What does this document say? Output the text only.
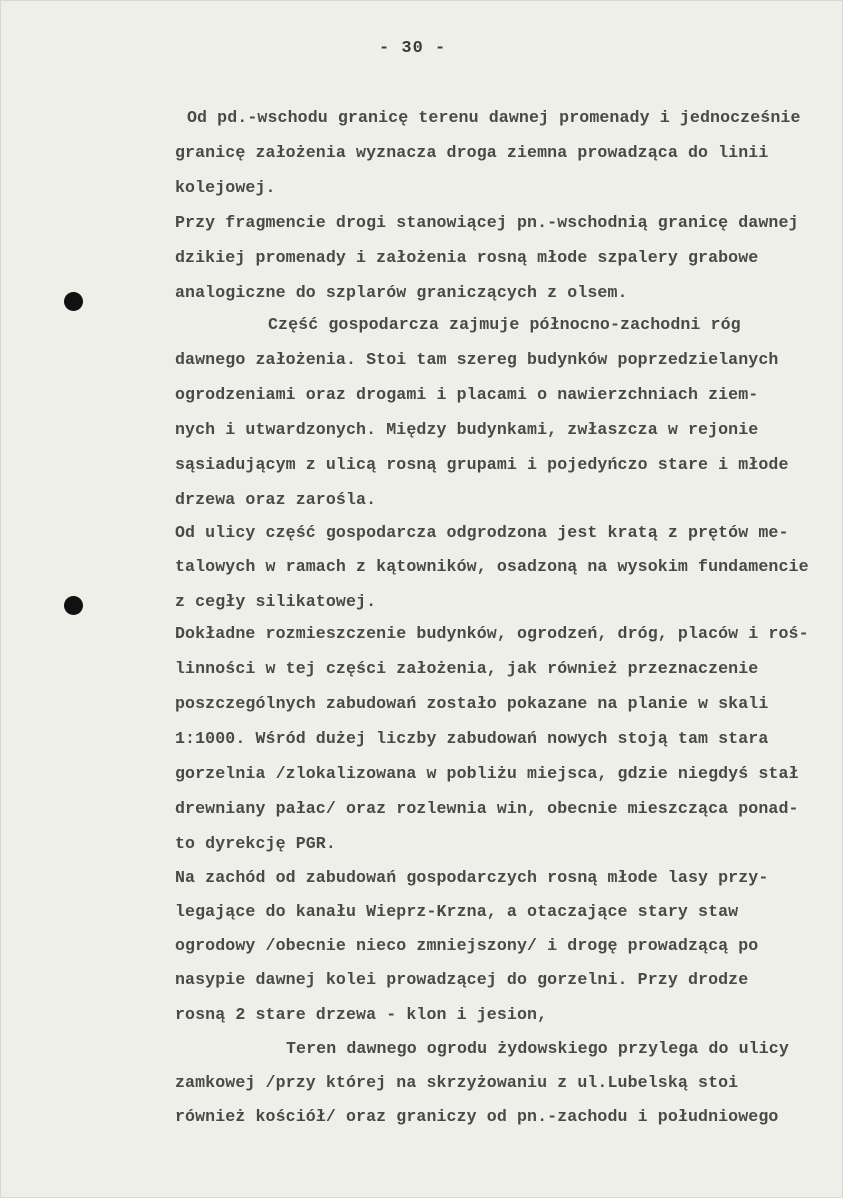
- 30 -
Od pd.-wschodu granicę terenu dawnej promenady i jednocześnie
granicę założenia wyznacza droga ziemna prowadząca do linii
kolejowej.
Przy fragmencie drogi stanowiącej pn.-wschodnią granicę dawnej
dzikiej promenady i założenia rosną młode szpalery grabowe
analogiczne do szplarów graniczących z olsem.
Część gospodarcza zajmuje północno-zachodni róg
dawnego założenia. Stoi tam szereg budynków poprzedzielanych
ogrodzeniami oraz drogami i placami o nawierzchniach ziem-
nych i utwardzonych. Między budynkami, zwłaszcza w rejonie
sąsiadującym z ulicą rosną grupami i pojedyńczo stare i młode
drzewa oraz zarośla.
Od ulicy część gospodarcza odgrodzona jest kratą z prętów me-
talowych w ramach z kątowników, osadzoną na wysokim fundamencie
z cegły silikatowej.
Dokładne rozmieszczenie budynków, ogrodzeń, dróg, placów i roś-
linności w tej części założenia, jak również przeznaczenie
poszczególnych zabudowań zostało pokazane na planie w skali
1:1000. Wśród dużej liczby zabudowań nowych stoją tam stara
gorzelnia /zlokalizowana w pobliżu miejsca, gdzie niegdyś stał
drewniany pałac/ oraz rozlewnia win, obecnie mieszcząca ponad-
to dyrekcję PGR.
Na zachód od zabudowań gospodarczych rosną młode lasy przy-
legające do kanału Wieprz-Krzna, a otaczające stary staw
ogrodowy /obecnie nieco zmniejszony/ i drogę prowadzącą po
nasypie dawnej kolei prowadzącej do gorzelni. Przy drodze
rosną 2 stare drzewa - klon i jesion,
Teren dawnego ogrodu żydowskiego przylega do ulicy
zamkowej /przy której na skrzyżowaniu z ul.Lubelską stoi
również kościół/ oraz graniczy od pn.-zachodu i południowego
